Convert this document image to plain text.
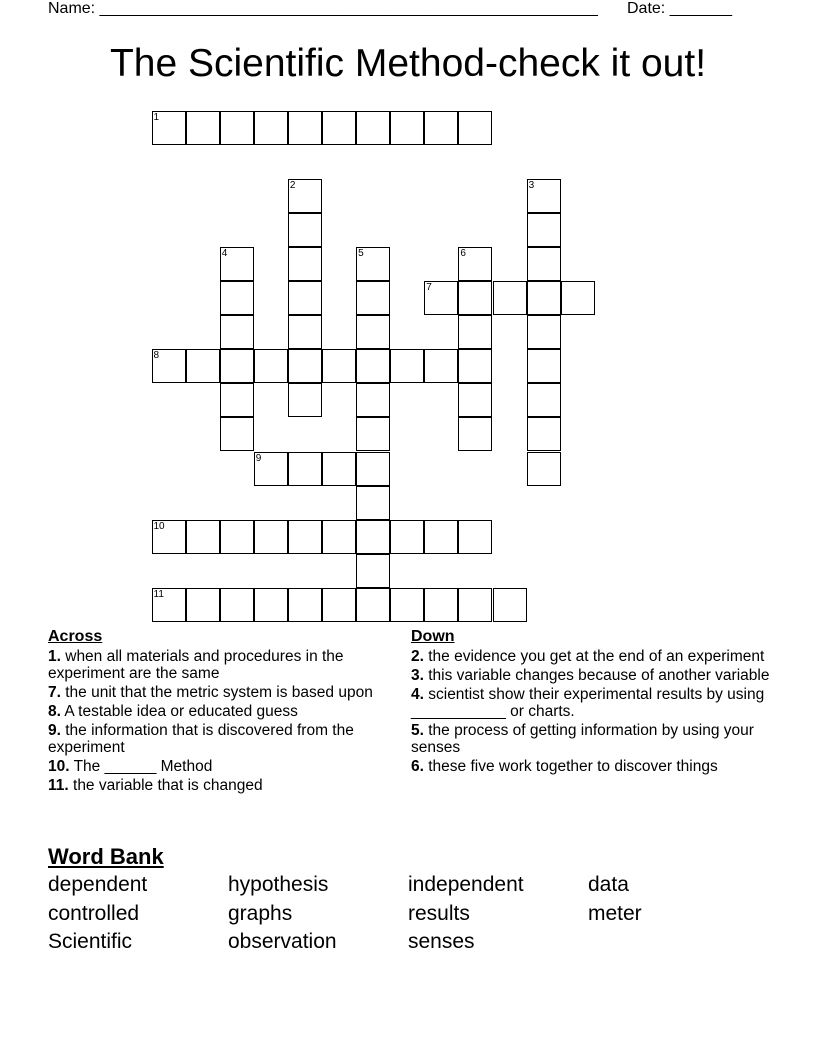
Name: ________________________________________________________ Date: _______
The Scientific Method-check it out!
1
2	3
4	5	6
7
8
9
10
11
Across
1. when all materials and procedures in the experiment are the same
7. the unit that the metric system is based upon
8. A testable idea or educated guess
9. the information that is discovered from the experiment
10. The ______ Method
11. the variable that is changed
Down
2. the evidence you get at the end of an experiment
3. this variable changes because of another variable
4. scientist show their experimental results by using ___________ or charts.
5. the process of getting information by using your senses
6. these five work together to discover things
Word Bank
dependent	hypothesis	independent	data
controlled	graphs	results	meter
Scientific	observation	senses
